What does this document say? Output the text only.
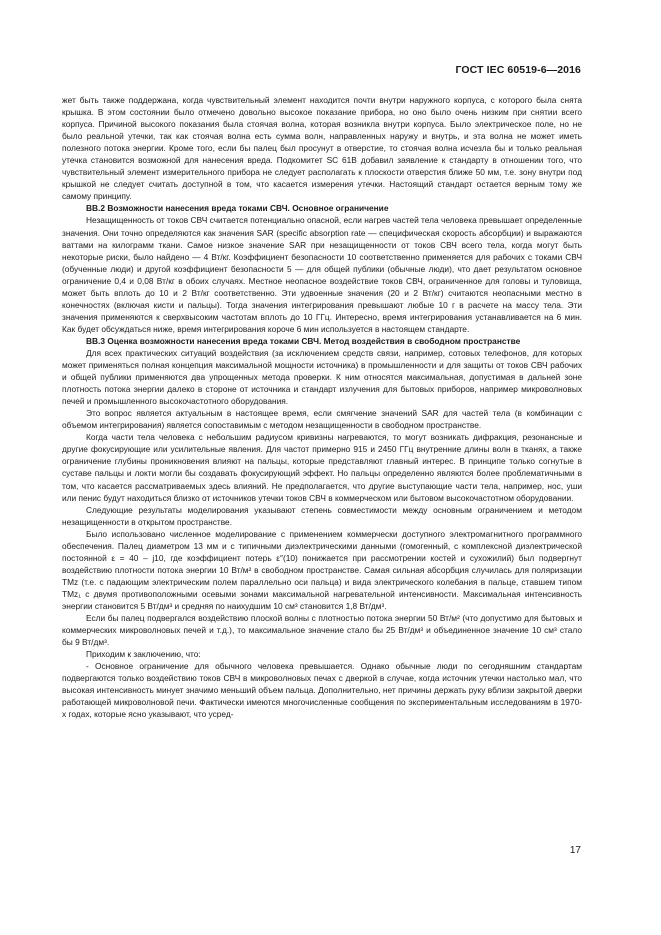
ГОСТ IEC 60519-6—2016

жет быть также поддержана, когда чувствительный элемент находится почти внутри наружного корпуса, с которого была снята крышка. В этом состоянии было отмечено довольно высокое показание прибора, но оно было очень низким при снятии всего корпуса. Причиной высокого показания была стоячая волна, которая возникла внутри корпуса. Было электрическое поле, но не было реальной утечки, так как стоячая волна есть сумма волн, направленных наружу и внутрь, и эта волна не может иметь полезного потока энергии. Кроме того, если бы палец был просунут в отверстие, то стоячая волна исчезла бы и только реальная утечка становится возможной для нанесения вреда. Подкомитет SC 61B добавил заявление к стандарту в отношении того, что чувствительный элемент измерительного прибора не следует располагать к плоскости отверстия ближе 50 мм, т.е. зону внутри под крышкой не следует считать доступной в том, что касается измерения утечки. Настоящий стандарт остается верным тому же самому принципу.

ВВ.2 Возможности нанесения вреда токами СВЧ. Основное ограничение

Незащищенность от токов СВЧ считается потенциально опасной, если нагрев частей тела человека превышает определенные значения. Они точно определяются как значения SAR (specific absorption rate — специфическая скорость абсорбции) и выражаются ваттами на килограмм ткани. Самое низкое значение SAR при незащищенности от токов СВЧ всего тела, когда могут быть некоторые риски, было найдено — 4 Вт/кг. Коэффициент безопасности 10 соответственно применяется для рабочих с токами СВЧ (обученные люди) и другой коэффициент безопасности 5 — для общей публики (обычные люди), что дает результатом основное ограничение 0,4 и 0,08 Вт/кг в обоих случаях. Местное неопасное воздействие токов СВЧ, ограниченное для головы и туловища, может быть вплоть до 10 и 2 Вт/кг соответственно. Эти удвоенные значения (20 и 2 Вт/кг) считаются неопасными местно в конечностях (включая кисти и пальцы). Тогда значения интегрирования превышают любые 10 г в расчете на массу тела. Эти значения применяются к сверхвысоким частотам вплоть до 10 ГГц. Интересно, время интегрирования устанавливается на 6 мин. Как будет обсуждаться ниже, время интегрирования короче 6 мин используется в настоящем стандарте.

ВВ.3 Оценка возможности нанесения вреда токами СВЧ. Метод воздействия в свободном пространстве

Для всех практических ситуаций воздействия (за исключением средств связи, например, сотовых телефонов, для которых может применяться полная концепция максимальной мощности источника) в промышленности и для защиты от токов СВЧ рабочих и общей публики применяются два упрощенных метода проверки. К ним относятся максимальная, допустимая в дальней зоне плотность потока энергии далеко в стороне от источника и стандарт излучения для бытовых приборов, например микроволновых печей и промышленного высокочастотного оборудования.

Это вопрос является актуальным в настоящее время, если смягчение значений SAR для частей тела (в комбинации с объемом интегрирования) является сопоставимым с методом незащищенности в свободном пространстве.

Когда части тела человека с небольшим радиусом кривизны нагреваются, то могут возникать дифракция, резонансные и другие фокусирующие или усилительные явления. Для частот примерно 915 и 2450 ГГц внутренние длины волн в тканях, а также ограничение глубины проникновения влияют на пальцы, которые представляют главный интерес. В принципе только согнутые в суставе пальцы и локти могли бы создавать фокусирующий эффект. Но пальцы определенно являются более проблематичными в том, что касается рассматриваемых здесь влияний. Не предполагается, что другие выступающие части тела, например, нос, уши или пенис будут находиться близко от источников утечки токов СВЧ в коммерческом или бытовом высокочастотном оборудовании.

Следующие результаты моделирования указывают степень совместимости между основным ограничением и методом незащищенности в открытом пространстве.

Было использовано численное моделирование с применением коммерчески доступного электромагнитного программного обеспечения. Палец диаметром 13 мм и с типичными диэлектрическими данными (гомогенный, с комплексной диэлектрической постоянной ε = 40 – j10, где коэффициент потерь ε″(10) понижается при рассмотрении костей и сухожилий) был подвергнут воздействию плотности потока энергии 10 Вт/м² в свободном пространстве. Самая сильная абсорбция случилась для поляризации TMz (т.е. с падающим электрическим полем параллельно оси пальца) и вида электрического колебания в пальце, ставшем типом TMz₁ с двумя противоположными осевыми зонами максимальной нагревательной интенсивности. Максимальная интенсивность энергии становится 5 Вт/дм³ и средняя по наихудшим 10 см³ становится 1,8 Вт/дм³.

Если бы палец подвергался воздействию плоской волны с плотностью потока энергии 50 Вт/м² (что допустимо для бытовых и коммерческих микроволновых печей и т.д.), то максимальное значение стало бы 25 Вт/дм³ и объединенное значение 10 см³ стало бы 9 Вт/дм³.

Приходим к заключению, что:

- Основное ограничение для обычного человека превышается. Однако обычные люди по сегодняшним стандартам подвергаются только воздействию токов СВЧ в микроволновых печах с дверкой в случае, когда источник утечки настолько мал, что высокая интенсивность минует значимо меньший объем пальца. Дополнительно, нет причины держать руку вблизи закрытой дверки работающей микроволновой печи. Фактически имеются многочисленные сообщения по экспериментальным исследованиям в 1970-х годах, которые ясно указывают, что усред-

17
